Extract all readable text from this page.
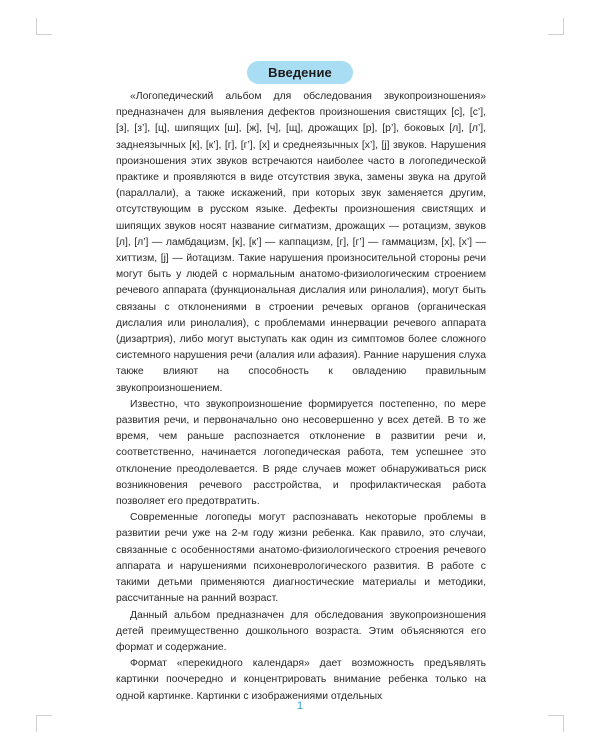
Введение

«Логопедический альбом для обследования звукопроизношения» предназначен для выявления дефектов произношения свистящих [с], [с’], [з], [з’], [ц], шипящих [ш], [ж], [ч], [щ], дрожащих [р], [р’], боковых [л], [л’], заднеязычных [к], [к’], [г], [г’], [х] и среднеязычных [х’], [j] звуков. Нарушения произношения этих звуков встречаются наиболее часто в логопедической практике и проявляются в виде отсутствия звука, замены звука на другой (параллали), а также искажений, при которых звук заменяется другим, отсутствующим в русском языке. Дефекты произношения свистящих и шипящих звуков носят название сигматизм, дрожащих — ротацизм, звуков [л], [л’] — ламбдацизм, [к], [к’] — каппацизм, [г], [г’] — гаммацизм, [х], [х’] — хиттизм, [j] — йотацизм. Такие нарушения произносительной стороны речи могут быть у людей с нормальным анатомо-физиологическим строением речевого аппарата (функциональная дислалия или ринолалия), могут быть связаны с отклонениями в строении речевых органов (органическая дислалия или ринолалия), с проблемами иннервации речевого аппарата (дизартрия), либо могут выступать как один из симптомов более сложного системного нарушения речи (алалия или афазия). Ранние нарушения слуха также влияют на способность к овладению правильным звукопроизношением.

Известно, что звукопроизношение формируется постепенно, по мере развития речи, и первоначально оно несовершенно у всех детей. В то же время, чем раньше распознается отклонение в развитии речи и, соответственно, начинается логопедическая работа, тем успешнее это отклонение преодолевается. В ряде случаев может обнаруживаться риск возникновения речевого расстройства, и профилактическая работа позволяет его предотвратить.

Современные логопеды могут распознавать некоторые проблемы в развитии речи уже на 2-м году жизни ребенка. Как правило, это случаи, связанные с особенностями анатомо-физиологического строения речевого аппарата и нарушениями психоневрологического развития. В работе с такими детьми применяются диагностические материалы и методики, рассчитанные на ранний возраст.

Данный альбом предназначен для обследования звукопроизношения детей преимущественно дошкольного возраста. Этим объясняются его формат и содержание.

Формат «перекидного календаря» дает возможность предъявлять картинки поочередно и концентрировать внимание ребенка только на одной картинке. Картинки с изображениями отдельных

1
